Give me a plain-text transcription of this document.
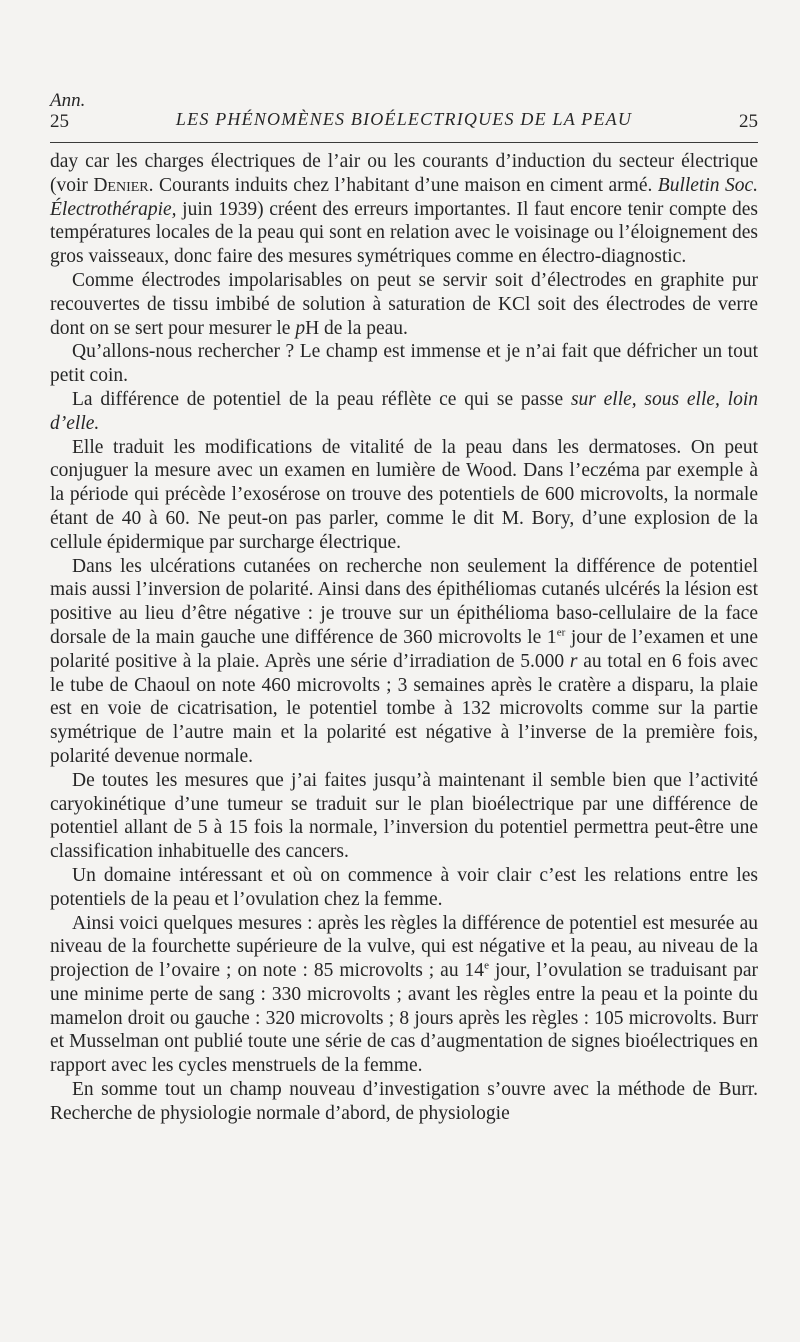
Ann.
25	LES PHÉNOMÈNES BIOÉLECTRIQUES DE LA PEAU	25

day car les charges électriques de l’air ou les courants d’induction du secteur électrique (voir Denier. Courants induits chez l’habitant d’une maison en ciment armé. Bulletin Soc. Électrothérapie, juin 1939) créent des erreurs importantes. Il faut encore tenir compte des températures locales de la peau qui sont en relation avec le voisinage ou l’éloignement des gros vaisseaux, donc faire des mesures symétriques comme en électro-diagnostic.

Comme électrodes impolarisables on peut se servir soit d’électrodes en graphite pur recouvertes de tissu imbibé de solution à saturation de KCl soit des électrodes de verre dont on se sert pour mesurer le pH de la peau.

Qu’allons-nous rechercher ? Le champ est immense et je n’ai fait que défricher un tout petit coin.

La différence de potentiel de la peau réflète ce qui se passe sur elle, sous elle, loin d’elle.

Elle traduit les modifications de vitalité de la peau dans les dermatoses. On peut conjuguer la mesure avec un examen en lumière de Wood. Dans l’eczéma par exemple à la période qui précède l’exosérose on trouve des potentiels de 600 microvolts, la normale étant de 40 à 60. Ne peut-on pas parler, comme le dit M. Bory, d’une explosion de la cellule épidermique par surcharge électrique.

Dans les ulcérations cutanées on recherche non seulement la différence de potentiel mais aussi l’inversion de polarité. Ainsi dans des épithéliomas cutanés ulcérés la lésion est positive au lieu d’être négative : je trouve sur un épithélioma baso-cellulaire de la face dorsale de la main gauche une différence de 360 microvolts le 1er jour de l’examen et une polarité positive à la plaie. Après une série d’irradiation de 5.000 r au total en 6 fois avec le tube de Chaoul on note 460 microvolts ; 3 semaines après le cratère a disparu, la plaie est en voie de cicatrisation, le potentiel tombe à 132 microvolts comme sur la partie symétrique de l’autre main et la polarité est négative à l’inverse de la première fois, polarité devenue normale.

De toutes les mesures que j’ai faites jusqu’à maintenant il semble bien que l’activité caryokinétique d’une tumeur se traduit sur le plan bioélectrique par une différence de potentiel allant de 5 à 15 fois la normale, l’inversion du potentiel permettra peut-être une classification inhabituelle des cancers.

Un domaine intéressant et où on commence à voir clair c’est les relations entre les potentiels de la peau et l’ovulation chez la femme.

Ainsi voici quelques mesures : après les règles la différence de potentiel est mesurée au niveau de la fourchette supérieure de la vulve, qui est négative et la peau, au niveau de la projection de l’ovaire ; on note : 85 microvolts ; au 14e jour, l’ovulation se traduisant par une minime perte de sang : 330 microvolts ; avant les règles entre la peau et la pointe du mamelon droit ou gauche : 320 microvolts ; 8 jours après les règles : 105 microvolts. Burr et Musselman ont publié toute une série de cas d’augmentation de signes bioélectriques en rapport avec les cycles menstruels de la femme.

En somme tout un champ nouveau d’investigation s’ouvre avec la méthode de Burr. Recherche de physiologie normale d’abord, de physiologie
